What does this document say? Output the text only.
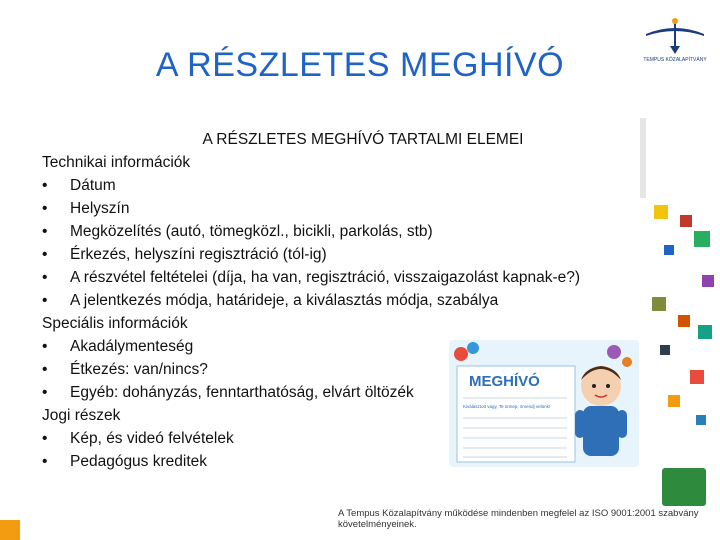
A RÉSZLETES MEGHÍVÓ	TEMPUS KÖZALAPÍTVÁNY
A RÉSZLETES MEGHÍVÓ TARTALMI ELEMEI
Technikai információk
•	Dátum
•	Helyszín
•	Megközelítés (autó, tömegközl., bicikli, parkolás, stb)
•	Érkezés, helyszíni regisztráció (tól-ig)
•	A részvétel feltételei (díja, ha van, regisztráció, visszaigazolást kapnak-e?)
•	A jelentkezés módja, határideje, a kiválasztás módja, szabálya
Speciális információk
•	Akadálymenteség
•	Étkezés: van/nincs?
•	Egyéb: dohányzás, fenntarthatóság, elvárt öltözék
Jogi részek
•	Kép, és videó felvételek
•	Pedagógus kreditek
MEGHÍVÓ
Kiválasztott vagy, Te ünnep, örvendj velünk!
A Tempus Közalapítvány működése mindenben megfelel az ISO 9001:2001 szabvány követelményeinek.
